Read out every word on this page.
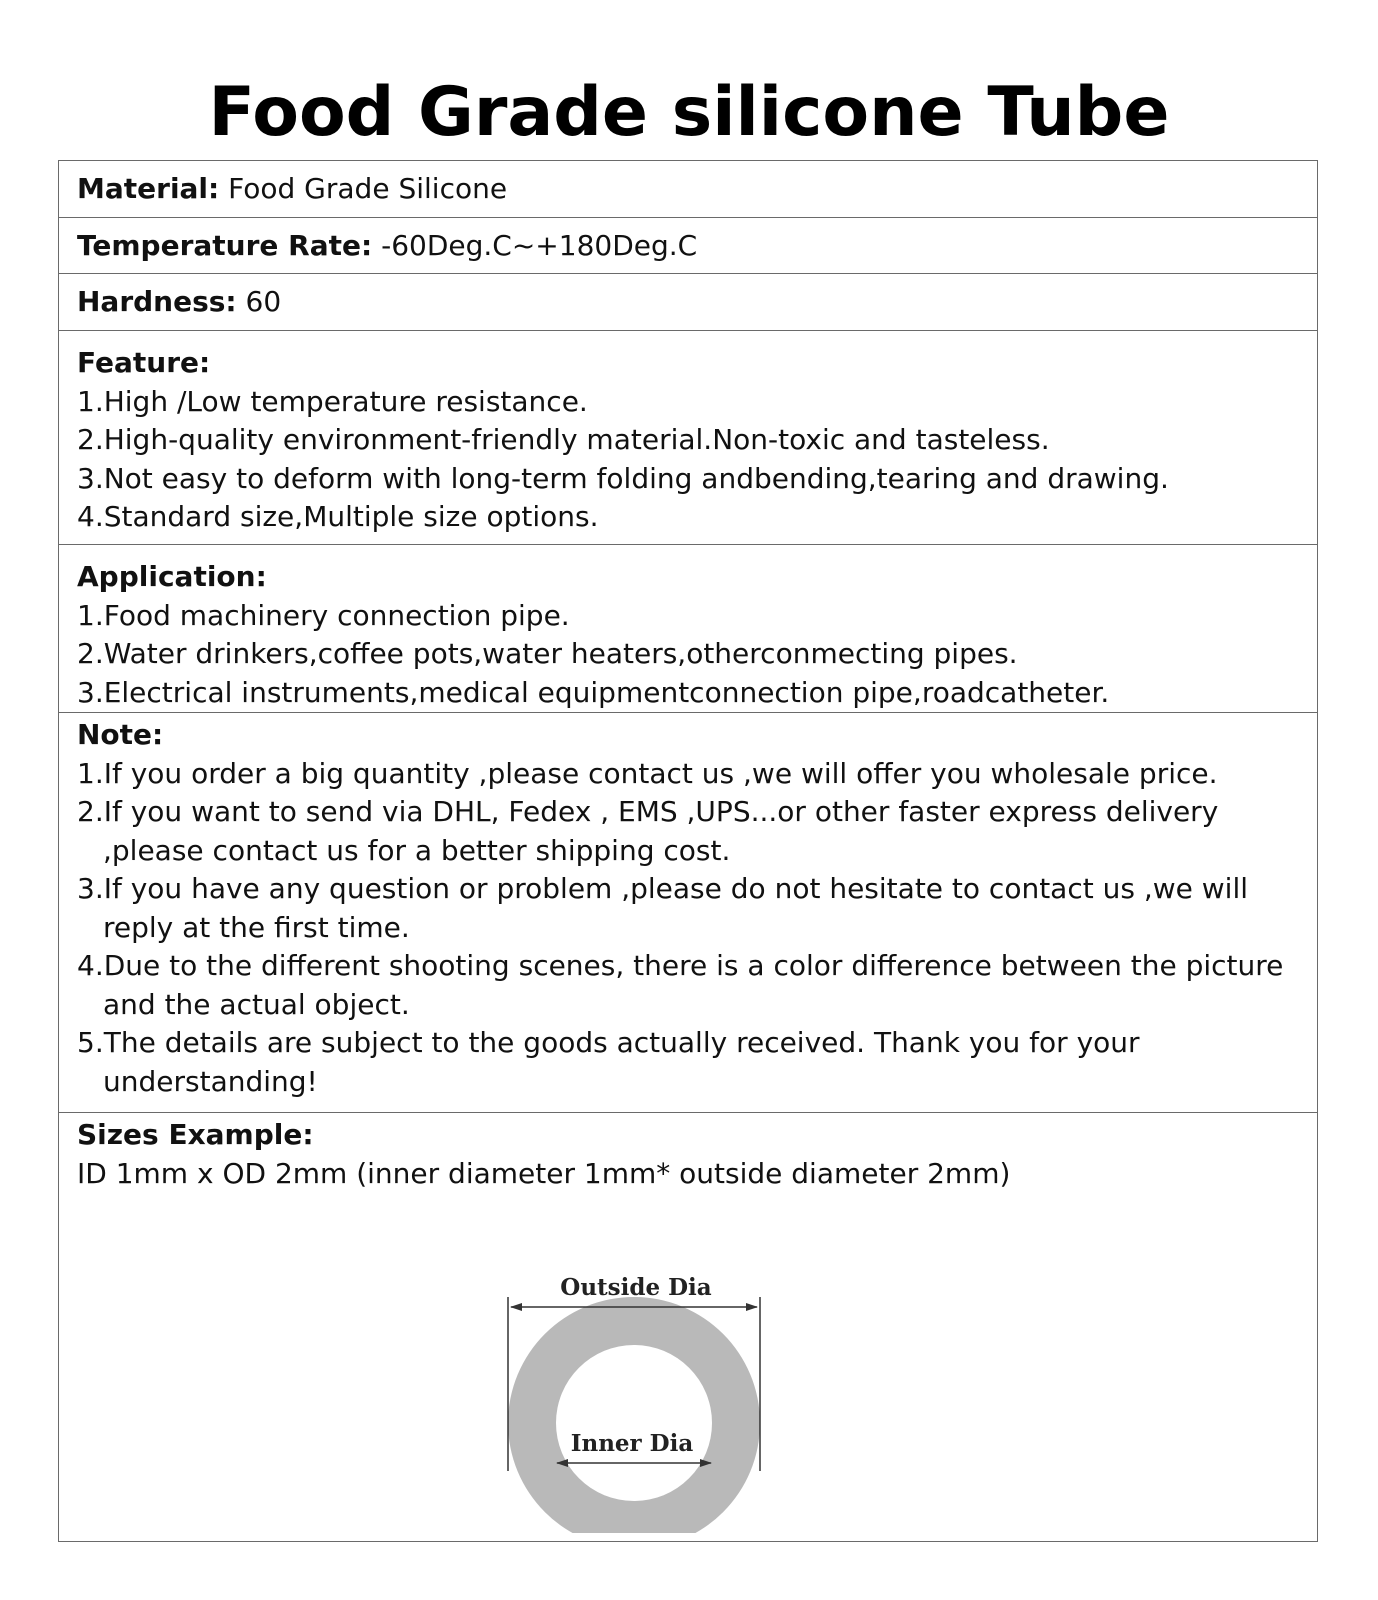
Food Grade silicone Tube
Material: Food Grade Silicone
Temperature Rate: -60Deg.C~+180Deg.C
Hardness: 60
Feature:
1.High /Low temperature resistance.
2.High-quality environment-friendly material.Non-toxic and tasteless.
3.Not easy to deform with long-term folding andbending,tearing and drawing.
4.Standard size,Multiple size options.
Application:
1.Food machinery connection pipe.
2.Water drinkers,coffee pots,water heaters,otherconmecting pipes.
3.Electrical instruments,medical equipmentconnection pipe,roadcatheter.
Note:
1.If you order a big quantity ,please contact us ,we will offer you wholesale price.
2.If you want to send via DHL, Fedex , EMS ,UPS...or other faster express delivery ,please contact us for a better shipping cost.
3.If you have any question or problem ,please do not hesitate to contact us ,we will reply at the first time.
4.Due to the different shooting scenes, there is a color difference between the picture and the actual object.
5.The details are subject to the goods actually received. Thank you for your understanding!
Sizes Example:
ID 1mm x OD 2mm (inner diameter 1mm* outside diameter 2mm)
Outside Dia
Inner Dia
